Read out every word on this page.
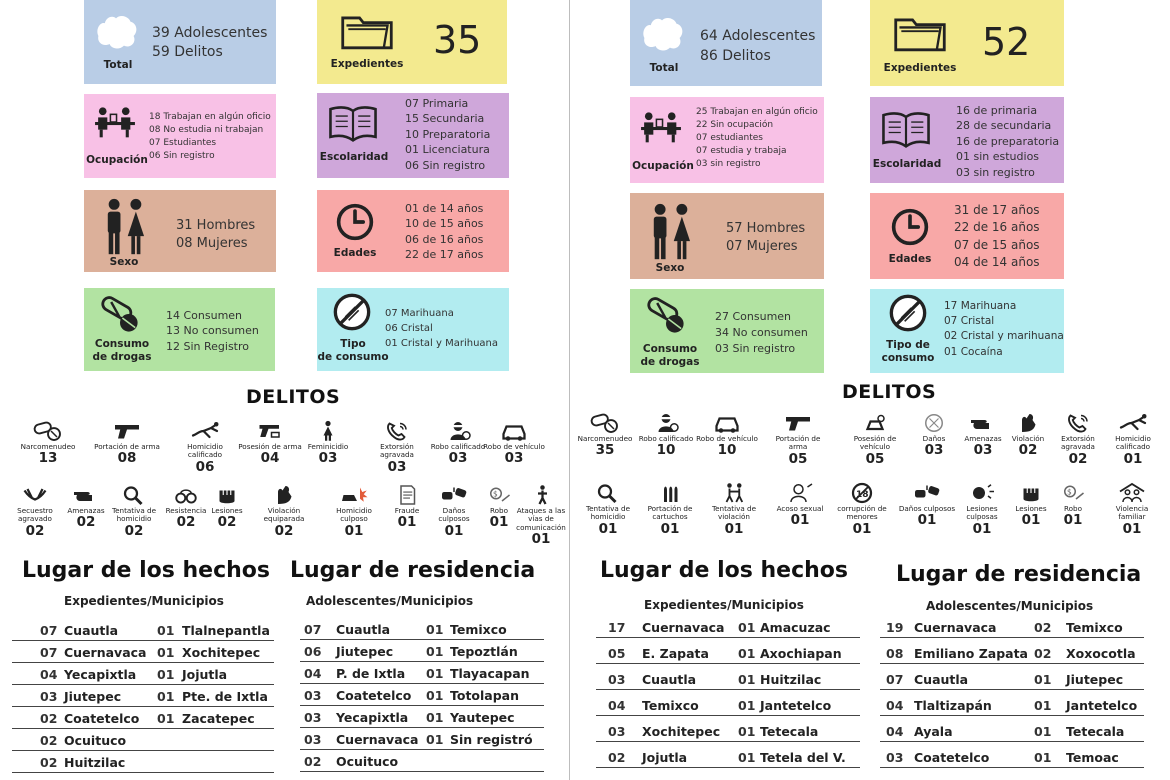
Total
39 Adolescentes
59 Delitos
Expedientes
35
Ocupación
18 Trabajan en algún oficio
08 No estudia ni trabajan
07 Estudiantes
06 Sin registro	Escolaridad
07 Primaria
15 Secundaria
10 Preparatoria
01 Licenciatura
06 Sin registro
Sexo
31 Hombres
08 Mujeres
Edades
01 de 14 años
10 de 15 años
06 de 16 años
22 de 17 años
Consumo
de drogas
14 Consumen
13 No consumen
12 Sin Registro	Tipo
de consumo
07 Marihuana
06 Cristal
01 Cristal y Marihuana
DELITOS
Narcomenudeo
13
Portación de arma
08
Homicidio calificado
06
Posesión de arma
04
Feminicidio
03
Extorsión agravada
03
Robo calificado
03
Robo de vehículo
03
Secuestro agravado
02
Amenazas
02
Tentativa de homicidio
02
Resistencia
02
Lesiones
02
Violación equiparada
02
Homicidio culposo
01
Fraude
01
Daños culposos
01
Robo
01
Ataques a las vías de comunicación
01
Lugar de los hechos
Expedientes/Municipios
07 Cuautla	01 Tlalnepantla
07 Cuernavaca 01 Xochitepec
04 Yecapixtla 01 Jojutla
03 Jiutepec	01 Pte. de Ixtla
02 Coatetelco 01 Zacatepec
02 Ocuituco
02 Huitzilac
Lugar de residencia
Adolescentes/Municipios
07 Cuautla	01 Temixco
06 Jiutepec	01 Tepoztlán
04 P. de Ixtla 01 Tlayacapan
03 Coatetelco 01 Totolapan
03 Yecapixtla 01 Yautepec
03 Cuernavaca 01 Sin registró
02 Ocuituco
Total
64 Adolescentes
86 Delitos
Expedientes
52
Ocupación
25 Trabajan en algún oficio
22 Sin ocupación
07 estudiantes
07 estudia y trabaja
03 sin registro	Escolaridad
16 de primaria
28 de secundaria
16 de preparatoria
01 sin estudios
03 sin registro
Sexo
57 Hombres
07 Mujeres
Edades
31 de 17 años
22 de 16 años
07 de 15 años
04 de 14 años
Consumo
de drogas
27 Consumen
34 No consumen
03 Sin registro	Tipo de
consumo
17 Marihuana
07 Cristal
02 Cristal y marihuana
01 Cocaína
DELITOS
Narcomenudeo
35
Robo calificado
10
Robo de vehículo
10
Portación de arma
05
Posesión de vehículo
05
Daños
03
Amenazas
03
Violación
02
Extorsión agravada
02
Homicidio calificado
01
Tentativa de homicidio
01
Portación de cartuchos
01
Tentativa de violación
01
Acoso sexual
01
corrupción de menores
01
Daños culposos
01
Lesiones culposas
01
Lesiones
01
Robo
01
Violencia familiar
01
Lugar de los hechos
Expedientes/Municipios
17 Cuernavaca 01 Amacuzac
05 E. Zapata 01 Axochiapan
03 Cuautla	01 Huitzilac
04 Temixco	01 Jantetelco
03 Xochitepec 01 Tetecala
02 Jojutla	01 Tetela del V.
Lugar de residencia
Adolescentes/Municipios
19 Cuernavaca	02 Temixco
08 Emiliano Zapata 02 Xoxocotla
07 Cuautla	01 Jiutepec
04 Tlaltizapán	01 Jantetelco
04 Ayala	01 Tetecala
03 Coatetelco	01 Temoac
